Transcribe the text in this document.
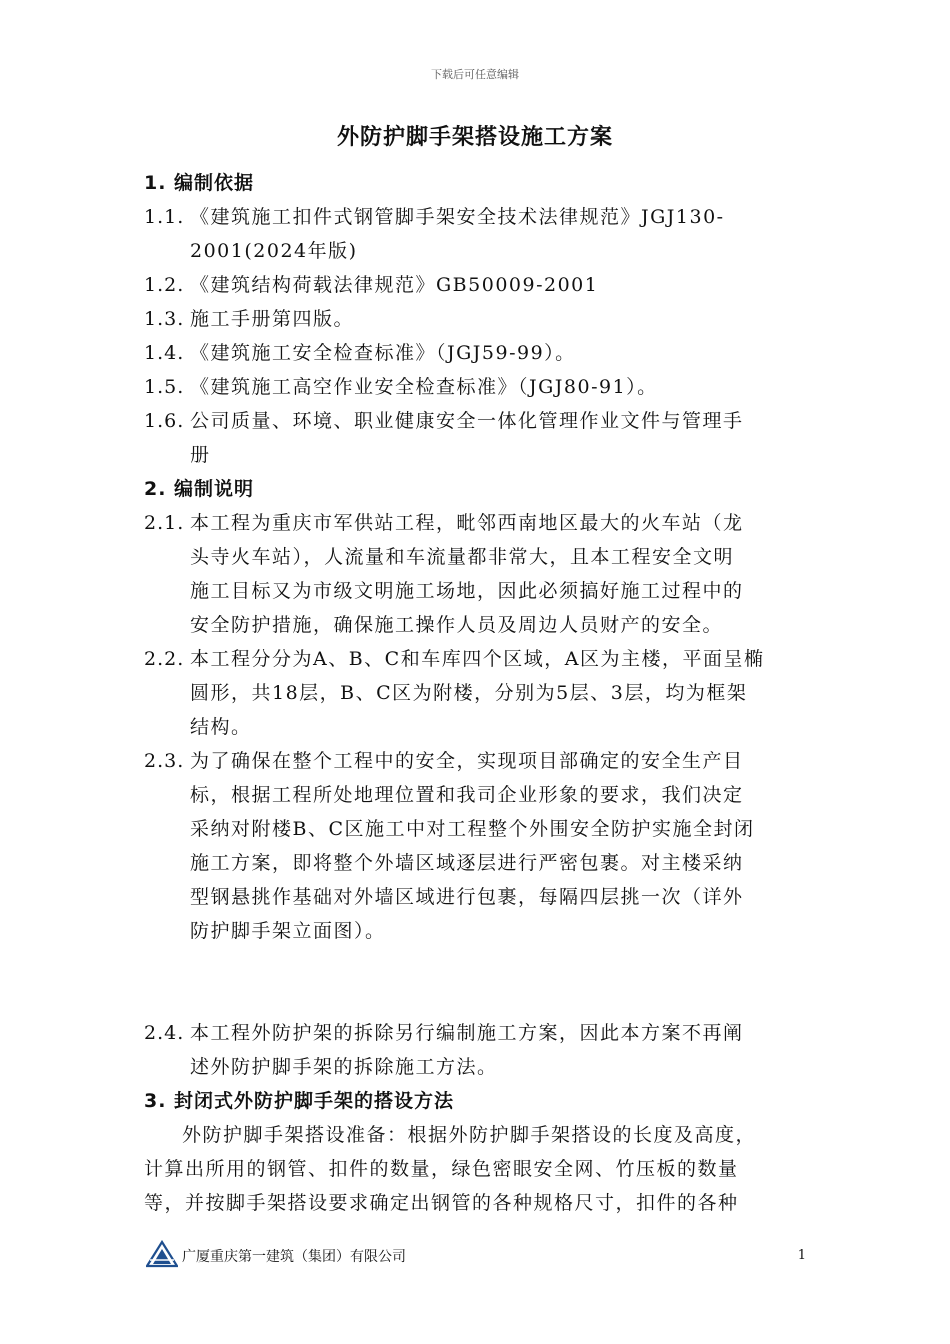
下载后可任意编辑
外防护脚手架搭设施工方案
1. 编制依据
1.1. 《建筑施工扣件式钢管脚手架安全技术法律规范》JGJ130-
2001(2024年版)
1.2. 《建筑结构荷载法律规范》GB50009-2001
1.3. 施工手册第四版。
1.4. 《建筑施工安全检查标准》（JGJ59-99）。
1.5. 《建筑施工高空作业安全检查标准》（JGJ80-91）。
1.6. 公司质量、环境、职业健康安全一体化管理作业文件与管理手
册
2. 编制说明
2.1. 本工程为重庆市军供站工程，毗邻西南地区最大的火车站（龙
头寺火车站），人流量和车流量都非常大，且本工程安全文明
施工目标又为市级文明施工场地，因此必须搞好施工过程中的
安全防护措施，确保施工操作人员及周边人员财产的安全。
2.2. 本工程分分为A、B、C和车库四个区域，A区为主楼，平面呈椭
圆形，共18层，B、C区为附楼，分别为5层、3层，均为框架
结构。
2.3. 为了确保在整个工程中的安全，实现项目部确定的安全生产目
标，根据工程所处地理位置和我司企业形象的要求，我们决定
采纳对附楼B、C区施工中对工程整个外围安全防护实施全封闭
施工方案，即将整个外墙区域逐层进行严密包裹。对主楼采纳
型钢悬挑作基础对外墙区域进行包裹，每隔四层挑一次（详外
防护脚手架立面图）。
2.4. 本工程外防护架的拆除另行编制施工方案，因此本方案不再阐
述外防护脚手架的拆除施工方法。
3. 封闭式外防护脚手架的搭设方法
外防护脚手架搭设准备：根据外防护脚手架搭设的长度及高度，
计算出所用的钢管、扣件的数量，绿色密眼安全网、竹压板的数量
等，并按脚手架搭设要求确定出钢管的各种规格尺寸，扣件的各种
广厦重庆第一建筑（集团）有限公司	1
